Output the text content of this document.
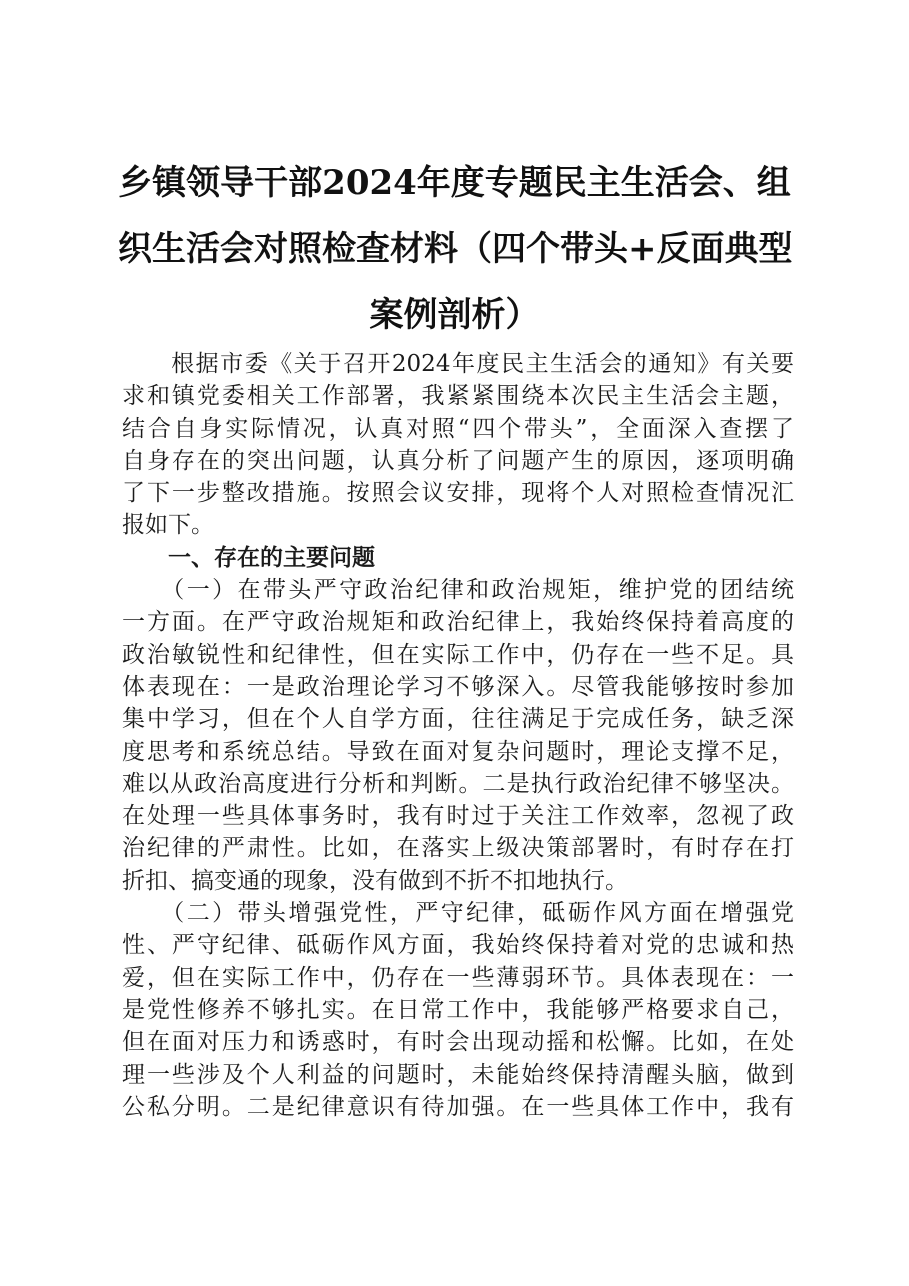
乡镇领导干部2024年度专题民主生活会、组
织生活会对照检查材料（四个带头+反面典型
案例剖析）
　　根据市委《关于召开2024年度民主生活会的通知》有关要
求和镇党委相关工作部署，我紧紧围绕本次民主生活会主题，
结合自身实际情况，认真对照“四个带头”，全面深入查摆了
自身存在的突出问题，认真分析了问题产生的原因，逐项明确
了下一步整改措施。按照会议安排，现将个人对照检查情况汇
报如下。
　　一、存在的主要问题
　　（一）在带头严守政治纪律和政治规矩，维护党的团结统
一方面。在严守政治规矩和政治纪律上，我始终保持着高度的
政治敏锐性和纪律性，但在实际工作中，仍存在一些不足。具
体表现在：一是政治理论学习不够深入。尽管我能够按时参加
集中学习，但在个人自学方面，往往满足于完成任务，缺乏深
度思考和系统总结。导致在面对复杂问题时，理论支撑不足，
难以从政治高度进行分析和判断。二是执行政治纪律不够坚决。
在处理一些具体事务时，我有时过于关注工作效率，忽视了政
治纪律的严肃性。比如，在落实上级决策部署时，有时存在打
折扣、搞变通的现象，没有做到不折不扣地执行。
　　（二）带头增强党性，严守纪律，砥砺作风方面在增强党
性、严守纪律、砥砺作风方面，我始终保持着对党的忠诚和热
爱，但在实际工作中，仍存在一些薄弱环节。具体表现在：一
是党性修养不够扎实。在日常工作中，我能够严格要求自己，
但在面对压力和诱惑时，有时会出现动摇和松懈。比如，在处
理一些涉及个人利益的问题时，未能始终保持清醒头脑，做到
公私分明。二是纪律意识有待加强。在一些具体工作中，我有
